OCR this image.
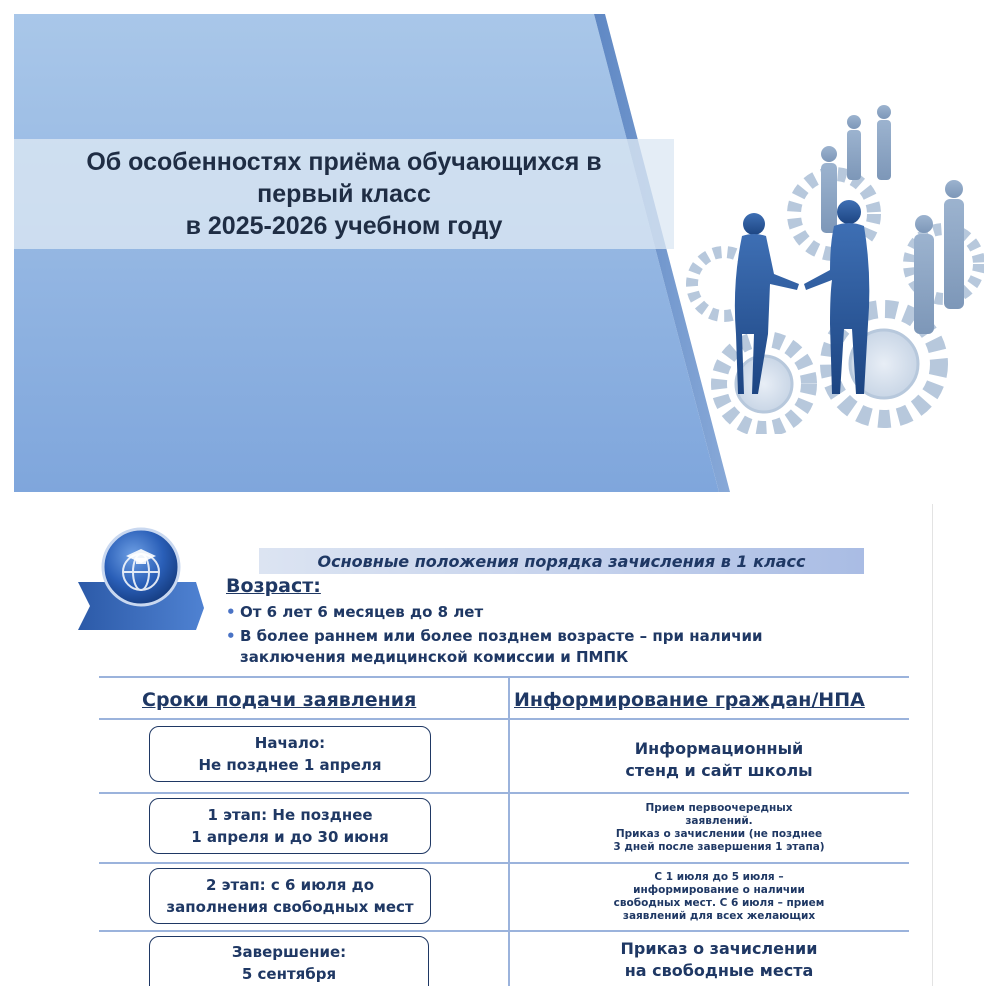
Об особенностях приёма обучающихся в
первый класс
в 2025-2026 учебном году
Основные положения порядка зачисления в 1 класс
Возраст:
• От 6 лет 6 месяцев до 8 лет
• В более раннем или более позднем возрасте – при наличии
заключения медицинской комиссии и ПМПК
Сроки подачи заявления	Информирование граждан/НПА
Начало:
Не позднее 1 апреля
Информационный
стенд и сайт школы
1 этап: Не позднее
1 апреля и до 30 июня
Прием первоочередных
заявлений.
Приказ о зачислении (не позднее
3 дней после завершения 1 этапа)
2 этап: с 6 июля до
заполнения свободных мест
С 1 июля до 5 июля –
информирование о наличии
свободных мест. С 6 июля – прием
заявлений для всех желающих
Завершение:
5 сентября
Приказ о зачислении
на свободные места
